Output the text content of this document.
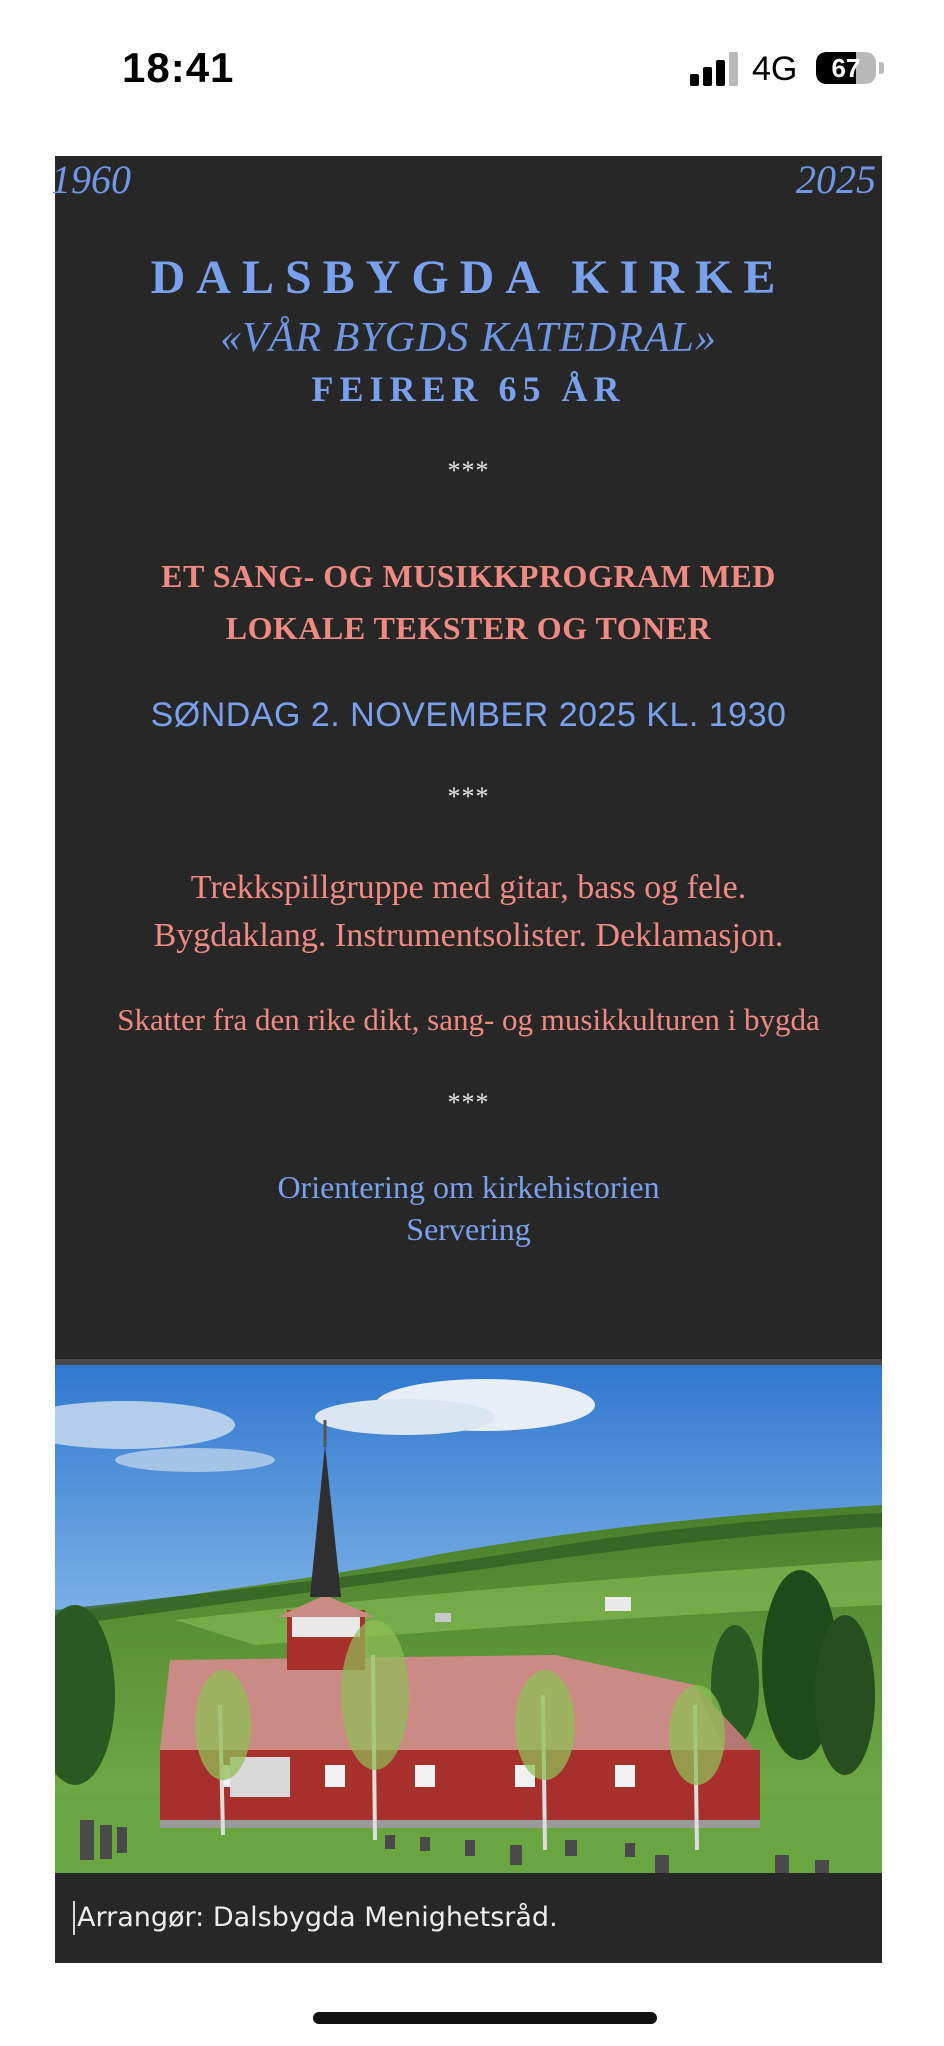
18:41	4G	67
1960	2025
DALSBYGDA KIRKE
«VÅR BYGDS KATEDRAL»
FEIRER 65 ÅR
***
ET SANG- OG MUSIKKPROGRAM MED
LOKALE TEKSTER OG TONER
SØNDAG 2. NOVEMBER 2025 KL. 1930
***
Trekkspillgruppe med gitar, bass og fele.
Bygdaklang. Instrumentsolister. Deklamasjon.
Skatter fra den rike dikt, sang- og musikkulturen i bygda
***
Orientering om kirkehistorien
Servering
Arrangør: Dalsbygda Menighetsråd.
